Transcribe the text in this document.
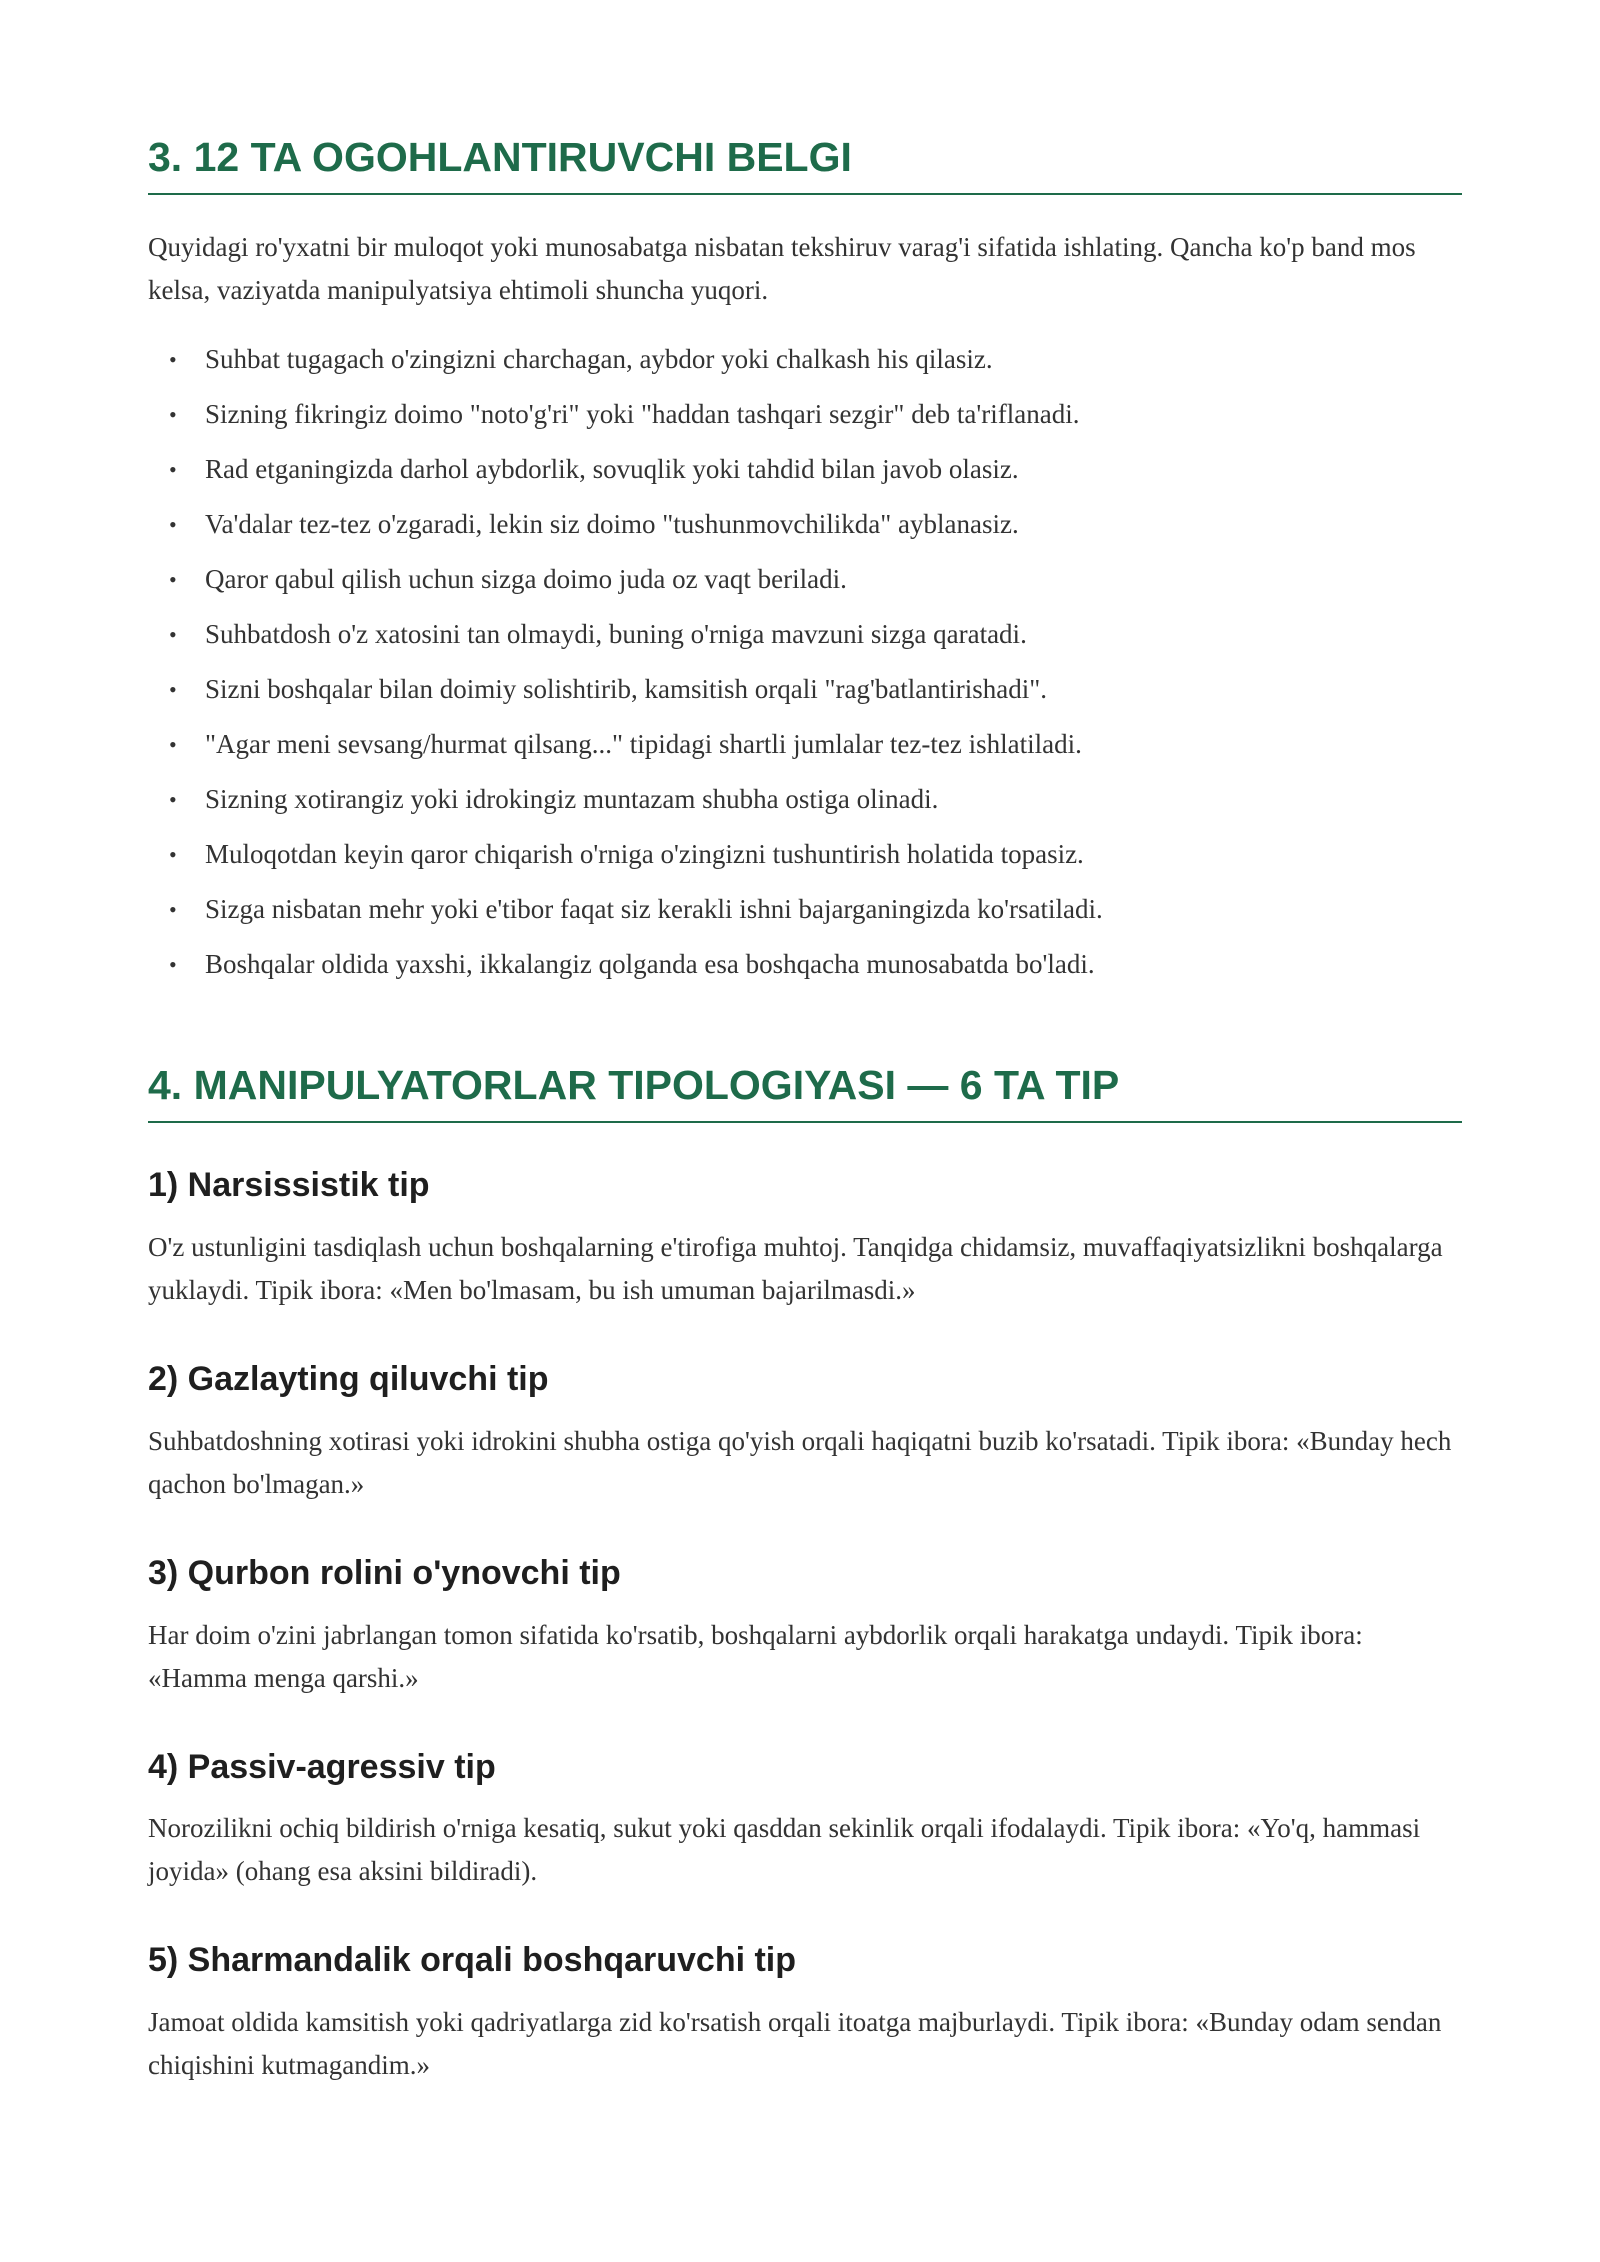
3. 12 TA OGOHLANTIRUVCHI BELGI

Quyidagi ro'yxatni bir muloqot yoki munosabatga nisbatan tekshiruv varag'i sifatida ishlating. Qancha ko'p band mos kelsa, vaziyatda manipulyatsiya ehtimoli shuncha yuqori.

• Suhbat tugagach o'zingizni charchagan, aybdor yoki chalkash his qilasiz.
• Sizning fikringiz doimo "noto'g'ri" yoki "haddan tashqari sezgir" deb ta'riflanadi.
• Rad etganingizda darhol aybdorlik, sovuqlik yoki tahdid bilan javob olasiz.
• Va'dalar tez-tez o'zgaradi, lekin siz doimo "tushunmovchilikda" ayblanasiz.
• Qaror qabul qilish uchun sizga doimo juda oz vaqt beriladi.
• Suhbatdosh o'z xatosini tan olmaydi, buning o'rniga mavzuni sizga qaratadi.
• Sizni boshqalar bilan doimiy solishtirib, kamsitish orqali "rag'batlantirishadi".
• "Agar meni sevsang/hurmat qilsang..." tipidagi shartli jumlalar tez-tez ishlatiladi.
• Sizning xotirangiz yoki idrokingiz muntazam shubha ostiga olinadi.
• Muloqotdan keyin qaror chiqarish o'rniga o'zingizni tushuntirish holatida topasiz.
• Sizga nisbatan mehr yoki e'tibor faqat siz kerakli ishni bajarganingizda ko'rsatiladi.
• Boshqalar oldida yaxshi, ikkalangiz qolganda esa boshqacha munosabatda bo'ladi.
4. MANIPULYATORLAR TIPOLOGIYASI — 6 TA TIP
1) Narsissistik tip

O'z ustunligini tasdiqlash uchun boshqalarning e'tirofiga muhtoj. Tanqidga chidamsiz, muvaffaqiyatsizlikni boshqalarga yuklaydi. Tipik ibora: «Men bo'lmasam, bu ish umuman bajarilmasdi.»

2) Gazlayting qiluvchi tip

Suhbatdoshning xotirasi yoki idrokini shubha ostiga qo'yish orqali haqiqatni buzib ko'rsatadi. Tipik ibora: «Bunday hech qachon bo'lmagan.»

3) Qurbon rolini o'ynovchi tip

Har doim o'zini jabrlangan tomon sifatida ko'rsatib, boshqalarni aybdorlik orqali harakatga undaydi. Tipik ibora: «Hamma menga qarshi.»

4) Passiv-agressiv tip

Norozilikni ochiq bildirish o'rniga kesatiq, sukut yoki qasddan sekinlik orqali ifodalaydi. Tipik ibora: «Yo'q, hammasi joyida» (ohang esa aksini bildiradi).

5) Sharmandalik orqali boshqaruvchi tip

Jamoat oldida kamsitish yoki qadriyatlarga zid ko'rsatish orqali itoatga majburlaydi. Tipik ibora: «Bunday odam sendan chiqishini kutmagandim.»
